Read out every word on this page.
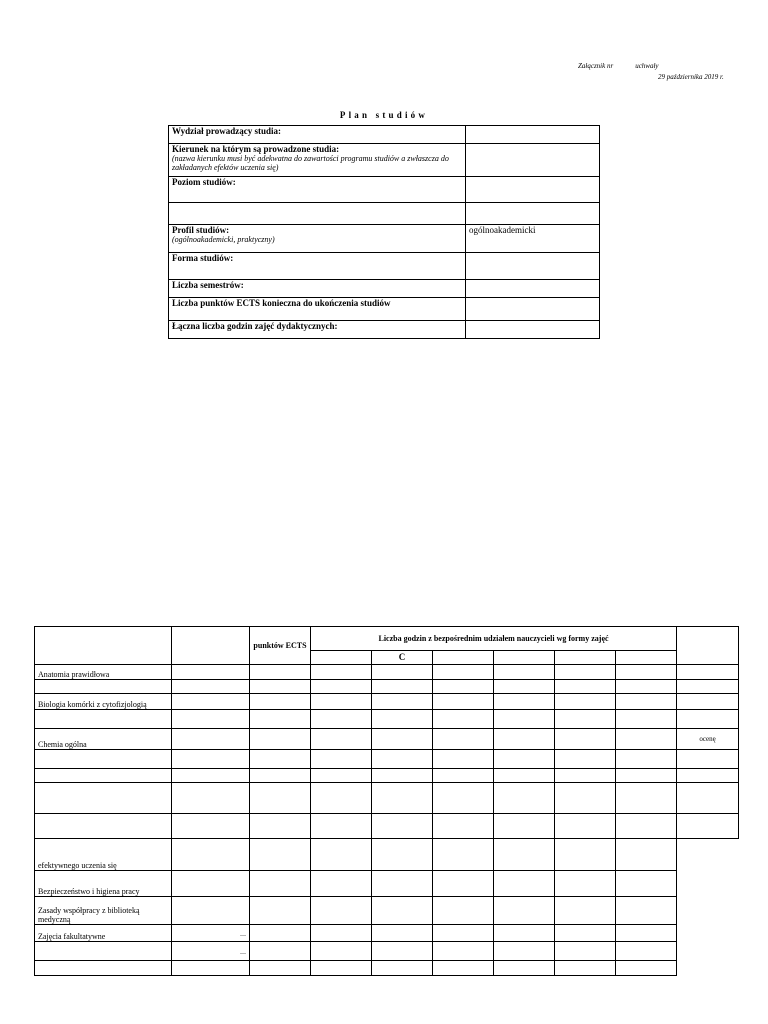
Załącznik nr	uchwały
29 października 2019 r.
Plan studiów
Wydział prowadzący studia:	

Kierunek na którym są prowadzone studia:
(nazwa kierunku musi być adekwatna do zawartości programu studiów a zwłaszcza do zakładanych efektów uczenia się)	

Poziom studiów:	

Profil studiów:
(ogólnoakademicki, praktyczny)	ogólnoakademicki

Forma studiów:	

Liczba semestrów:	

Liczba punktów ECTS konieczna do ukończenia studiów	

Łączna liczba godzin zajęć dydaktycznych:	

		punktów ECTS	Liczba godzin z bezpośrednim udziałem nauczycieli wg formy zajęć						
				C					
Anatomia prawidłowa									

Biologia komórki z cytofizjologią									

Chemia ogólna									ocenę

efektywnego uczenia się									
Bezpieczeństwo i higiena pracy									
Zasady współpracy z biblioteką medyczną									
Zajęcia fakultatywne	...								
	...								
